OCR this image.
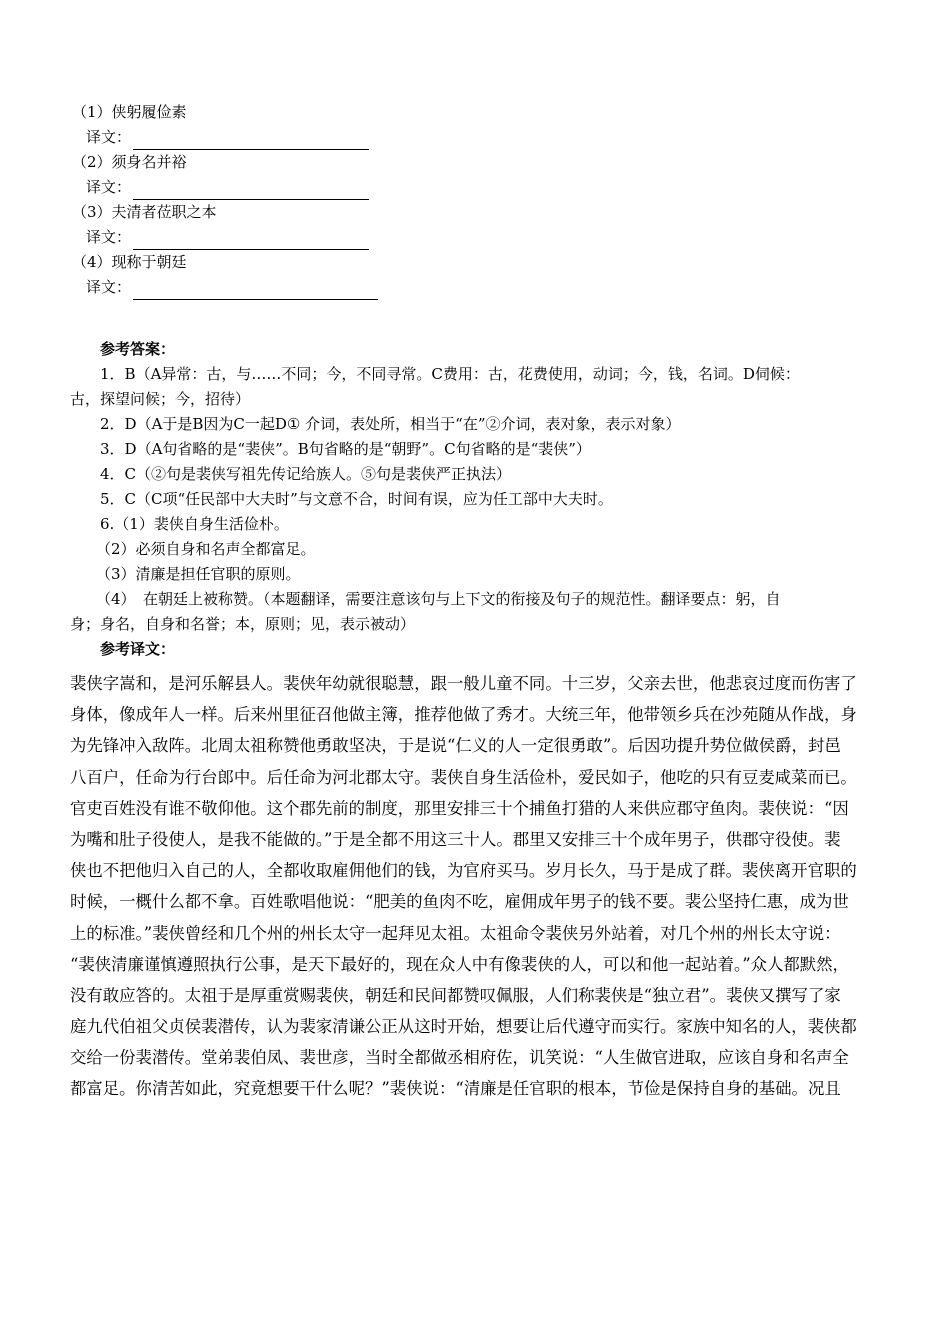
（1）侠躬履俭素
译文：
（2）须身名并裕
译文：
（3）夫清者莅职之本
译文：
（4）现称于朝廷
译文：
参考答案：
1．B（A异常：古，与……不同；今，不同寻常。C费用：古，花费使用，动词；今，钱，名词。D伺候：
古，探望问候；今，招待）
2．D（A于是B因为C一起D① 介词，表处所，相当于“在”②介词，表对象，表示对象）
3．D（A句省略的是“裴侠”。B句省略的是“朝野”。C句省略的是“裴侠”）
4．C（②句是裴侠写祖先传记给族人。⑤句是裴侠严正执法）
5．C（C项“任民部中大夫时”与文意不合，时间有误，应为任工部中大夫时。
6.（1）裴侠自身生活俭朴。
（2）必须自身和名声全都富足。
（3）清廉是担任官职的原则。
（4）　在朝廷上被称赞。（本题翻译，需要注意该句与上下文的衔接及句子的规范性。翻译要点：躬，自
身；身名，自身和名誉；本，原则；见，表示被动）
参考译文：
裴侠字嵩和，是河乐解县人。裴侠年幼就很聪慧，跟一般儿童不同。十三岁，父亲去世，他悲哀过度而伤害了
身体，像成年人一样。后来州里征召他做主簿，推荐他做了秀才。大统三年，他带领乡兵在沙苑随从作战，身
为先锋冲入敌阵。北周太祖称赞他勇敢坚决，于是说“仁义的人一定很勇敢”。后因功提升势位做侯爵，封邑
八百户，任命为行台郎中。后任命为河北郡太守。裴侠自身生活俭朴，爱民如子，他吃的只有豆麦咸菜而已。
官吏百姓没有谁不敬仰他。这个郡先前的制度，那里安排三十个捕鱼打猎的人来供应郡守鱼肉。裴侠说：“因
为嘴和肚子役使人，是我不能做的。”于是全都不用这三十人。郡里又安排三十个成年男子，供郡守役使。裴
侠也不把他归入自己的人，全都收取雇佣他们的钱，为官府买马。岁月长久，马于是成了群。裴侠离开官职的
时候，一概什么都不拿。百姓歌唱他说：“肥美的鱼肉不吃，雇佣成年男子的钱不要。裴公坚持仁惠，成为世
上的标准。”裴侠曾经和几个州的州长太守一起拜见太祖。太祖命令裴侠另外站着，对几个州的州长太守说：
“裴侠清廉谨慎遵照执行公事，是天下最好的，现在众人中有像裴侠的人，可以和他一起站着。”众人都默然，
没有敢应答的。太祖于是厚重赏赐裴侠，朝廷和民间都赞叹佩服，人们称裴侠是“独立君”。裴侠又撰写了家
庭九代伯祖父贞侯裴潜传，认为裴家清谦公正从这时开始，想要让后代遵守而实行。家族中知名的人，裴侠都
交给一份裴潜传。堂弟裴伯凤、裴世彦，当时全都做丞相府佐，讥笑说：“人生做官进取，应该自身和名声全
都富足。你清苦如此，究竟想要干什么呢？”裴侠说：“清廉是任官职的根本，节俭是保持自身的基础。况且
